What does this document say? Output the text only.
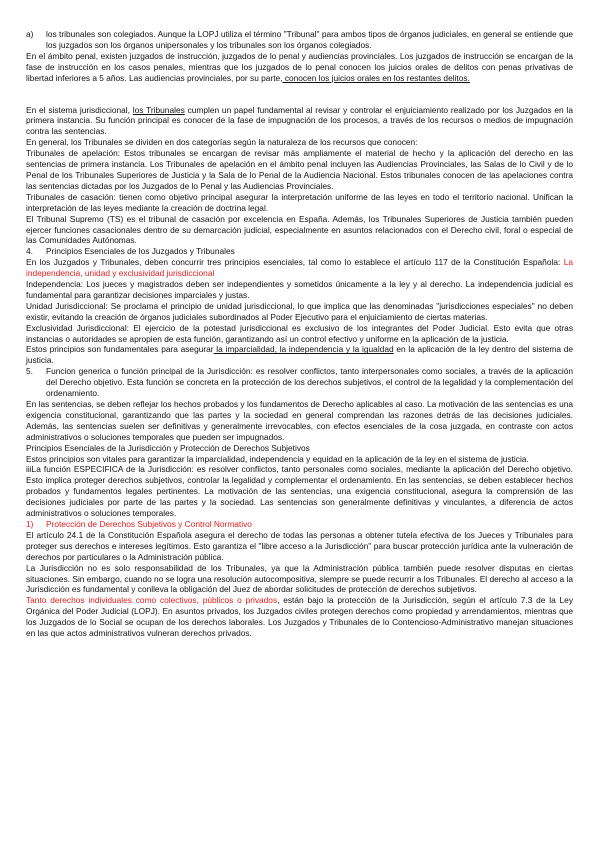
a)	los tribunales son colegiados. Aunque la LOPJ utiliza el término "Tribunal" para ambos tipos de órganos judiciales, en general se entiende que los juzgados son los órganos unipersonales y los tribunales son los órganos colegiados.

En el ámbito penal, existen juzgados de instrucción, juzgados de lo penal y audiencias provinciales. Los juzgados de instrucción se encargan de la fase de instrucción en los casos penales, mientras que los juzgados de lo penal conocen los juicios orales de delitos con penas privativas de libertad inferiores a 5 años. Las audiencias provinciales, por su parte, conocen los juicios orales en los restantes delitos.

En el sistema jurisdiccional, los Tribunales cumplen un papel fundamental al revisar y controlar el enjuiciamiento realizado por los Juzgados en la primera instancia. Su función principal es conocer de la fase de impugnación de los procesos, a través de los recursos o medios de impugnación contra las sentencias.

En general, los Tribunales se dividen en dos categorías según la naturaleza de los recursos que conocen:

Tribunales de apelación: Estos tribunales se encargan de revisar más ampliamente el material de hecho y la aplicación del derecho en las sentencias de primera instancia. Los Tribunales de apelación en el ámbito penal incluyen las Audiencias Provinciales, las Salas de lo Civil y de lo Penal de los Tribunales Superiores de Justicia y la Sala de lo Penal de la Audiencia Nacional. Estos tribunales conocen de las apelaciones contra las sentencias dictadas por los Juzgados de lo Penal y las Audiencias Provinciales.

Tribunales de casación: tienen como objetivo principal asegurar la interpretación uniforme de las leyes en todo el territorio nacional. Unifican la interpretación de las leyes mediante la creación de doctrina legal.

El Tribunal Supremo (TS) es el tribunal de casación por excelencia en España. Además, los Tribunales Superiores de Justicia también pueden ejercer funciones casacionales dentro de su demarcación judicial, especialmente en asuntos relacionados con el Derecho civil, foral o especial de las Comunidades Autónomas.

4.	Principios Esenciales de los Juzgados y Tribunales

En los Juzgados y Tribunales, deben concurrir tres principios esenciales, tal como lo establece el artículo 117 de la Constitución Española: La independencia, unidad y exclusividad jurisdiccional

Independencia: Los jueces y magistrados deben ser independientes y sometidos únicamente a la ley y al derecho. La independencia judicial es fundamental para garantizar decisiones imparciales y justas.

Unidad Jurisdiccional: Se proclama el principio de unidad jurisdiccional, lo que implica que las denominadas "jurisdicciones especiales" no deben existir, evitando la creación de órganos judiciales subordinados al Poder Ejecutivo para el enjuiciamiento de ciertas materias.

Exclusividad Jurisdiccional: El ejercicio de la potestad jurisdiccional es exclusivo de los integrantes del Poder Judicial. Esto evita que otras instancias o autoridades se apropien de esta función, garantizando así un control efectivo y uniforme en la aplicación de la justicia.

Estos principios son fundamentales para asegurar la imparcialidad, la independencia y la igualdad en la aplicación de la ley dentro del sistema de justicia.

5.	Funcion generica o función principal de la Jurisdicción: es resolver conflictos, tanto interpersonales como sociales, a través de la aplicación del Derecho objetivo. Esta función se concreta en la protección de los derechos subjetivos, el control de la legalidad y la complementación del ordenamiento.

En las sentencias, se deben reflejar los hechos probados y los fundamentos de Derecho aplicables al caso. La motivación de las sentencias es una exigencia constitucional, garantizando que las partes y la sociedad en general comprendan las razones detrás de las decisiones judiciales. Además, las sentencias suelen ser definitivas y generalmente irrevocables, con efectos esenciales de la cosa juzgada, en contraste con actos administrativos o soluciones temporales que pueden ser impugnados.

Principios Esenciales de la Jurisdicción y Protección de Derechos Subjetivos

Estos principios son vitales para garantizar la imparcialidad, independencia y equidad en la aplicación de la ley en el sistema de justicia.

iiiLa función ESPECIFICA de la Jurisdicción: es resolver conflictos, tanto personales como sociales, mediante la aplicación del Derecho objetivo. Esto implica proteger derechos subjetivos, controlar la legalidad y complementar el ordenamiento. En las sentencias, se deben establecer hechos probados y fundamentos legales pertinentes. La motivación de las sentencias, una exigencia constitucional, asegura la comprensión de las decisiones judiciales por parte de las partes y la sociedad. Las sentencias son generalmente definitivas y vinculantes, a diferencia de actos administrativos o soluciones temporales.

1)	Protección de Derechos Subjetivos y Control Normativo

El artículo 24.1 de la Constitución Española asegura el derecho de todas las personas a obtener tutela efectiva de los Jueces y Tribunales para proteger sus derechos e intereses legítimos. Esto garantiza el "libre acceso a la Jurisdicción" para buscar protección jurídica ante la vulneración de derechos por particulares o la Administración pública.

La Jurisdicción no es solo responsabilidad de los Tribunales, ya que la Administración pública también puede resolver disputas en ciertas situaciones. Sin embargo, cuando no se logra una resolución autocompositiva, siempre se puede recurrir a los Tribunales. El derecho al acceso a la Jurisdicción es fundamental y conlleva la obligación del Juez de abordar solicitudes de protección de derechos subjetivos.

Tanto derechos individuales como colectivos, públicos o privados, están bajo la protección de la Jurisdicción, según el artículo 7.3 de la Ley Orgánica del Poder Judicial (LOPJ). En asuntos privados, los Juzgados civiles protegen derechos como propiedad y arrendamientos, mientras que los Juzgados de lo Social se ocupan de los derechos laborales. Los Juzgados y Tribunales de lo Contencioso-Administrativo manejan situaciones en las que actos administrativos vulneran derechos privados.
